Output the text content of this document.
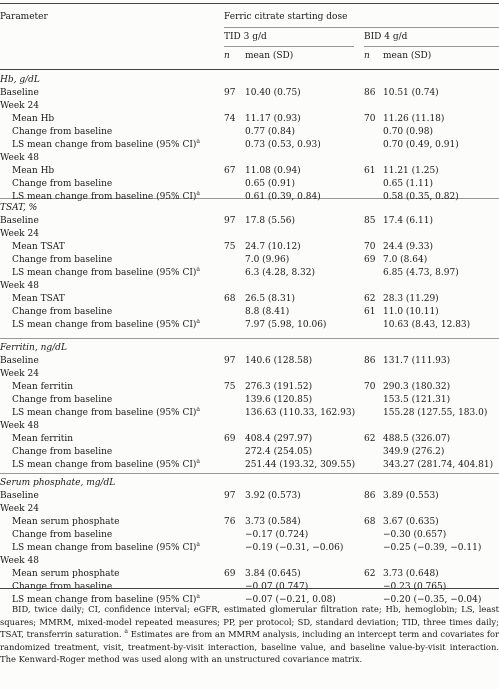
Parameter	Ferric citrate starting dose
TID 3 g/d	BID 4 g/d
n mean (SD)	n mean (SD)
Hb, g/dL
Baseline	97 10.40 (0.75)	86 10.51 (0.74)
Week 24
Mean Hb	74 11.17 (0.93)	70 11.26 (11.18)
Change from baseline	0.77 (0.84)	0.70 (0.98)
LS mean change from baseline (95% CI)$^a$	0.73 (0.53, 0.93)	0.70 (0.49, 0.91)
Week 48
Mean Hb	67 11.08 (0.94)	61 11.21 (1.25)
Change from baseline	0.65 (0.91)	0.65 (1.11)
LS mean change from baseline (95% CI)$^a$	0.61 (0.39, 0.84)	0.58 (0.35, 0.82)
TSAT, %
Baseline	97 17.8 (5.56)	85 17.4 (6.11)
Week 24
Mean TSAT	75 24.7 (10.12)	70 24.4 (9.33)
Change from baseline	7.0 (9.96)	69 7.0 (8.64)
LS mean change from baseline (95% CI)$^a$	6.3 (4.28, 8.32)	6.85 (4.73, 8.97)
Week 48
Mean TSAT	68 26.5 (8.31)	62 28.3 (11.29)
Change from baseline	8.8 (8.41)	61 11.0 (10.11)
LS mean change from baseline (95% CI)$^a$	7.97 (5.98, 10.06)	10.63 (8.43, 12.83)
Ferritin, ng/dL
Baseline	97 140.6 (128.58)	86 131.7 (111.93)
Week 24
Mean ferritin	75 276.3 (191.52)	70 290.3 (180.32)
Change from baseline	139.6 (120.85)	153.5 (121.31)
LS mean change from baseline (95% CI)$^a$	136.63 (110.33, 162.93)	155.28 (127.55, 183.0)
Week 48
Mean ferritin	69 408.4 (297.97)	62 488.5 (326.07)
Change from baseline	272.4 (254.05)	349.9 (276.2)
LS mean change from baseline (95% CI)$^a$	251.44 (193.32, 309.55)	343.27 (281.74, 404.81)
Serum phosphate, mg/dL
Baseline	97 3.92 (0.573)	86 3.89 (0.553)
Week 24
Mean serum phosphate	76 3.73 (0.584)	68 3.67 (0.635)
Change from baseline	−0.17 (0.724)	−0.30 (0.657)
LS mean change from baseline (95% CI)$^a$	−0.19 (−0.31, −0.06)	−0.25 (−0.39, −0.11)
Week 48
Mean serum phosphate	69 3.84 (0.645)	62 3.73 (0.648)
Change from baseline	−0.07 (0.747)	−0.23 (0.765)
LS mean change from baseline (95% CI)$^a$	−0.07 (−0.21, 0.08)	−0.20 (−0.35, −0.04)

BID, twice daily; CI, confidence interval; eGFR, estimated glomerular filtration rate; Hb, hemoglobin; LS, least squares; MMRM, mixed-model repeated measures; PP, per protocol; SD, standard deviation; TID, three times daily; TSAT, transferrin saturation. $^a$ Estimates are from an MMRM analysis, including an intercept term and covariates for randomized treatment, visit, treatment-by-visit interaction, baseline value, and baseline value-by-visit interaction. The Kenward-Roger method was used along with an unstructured covariance matrix.
